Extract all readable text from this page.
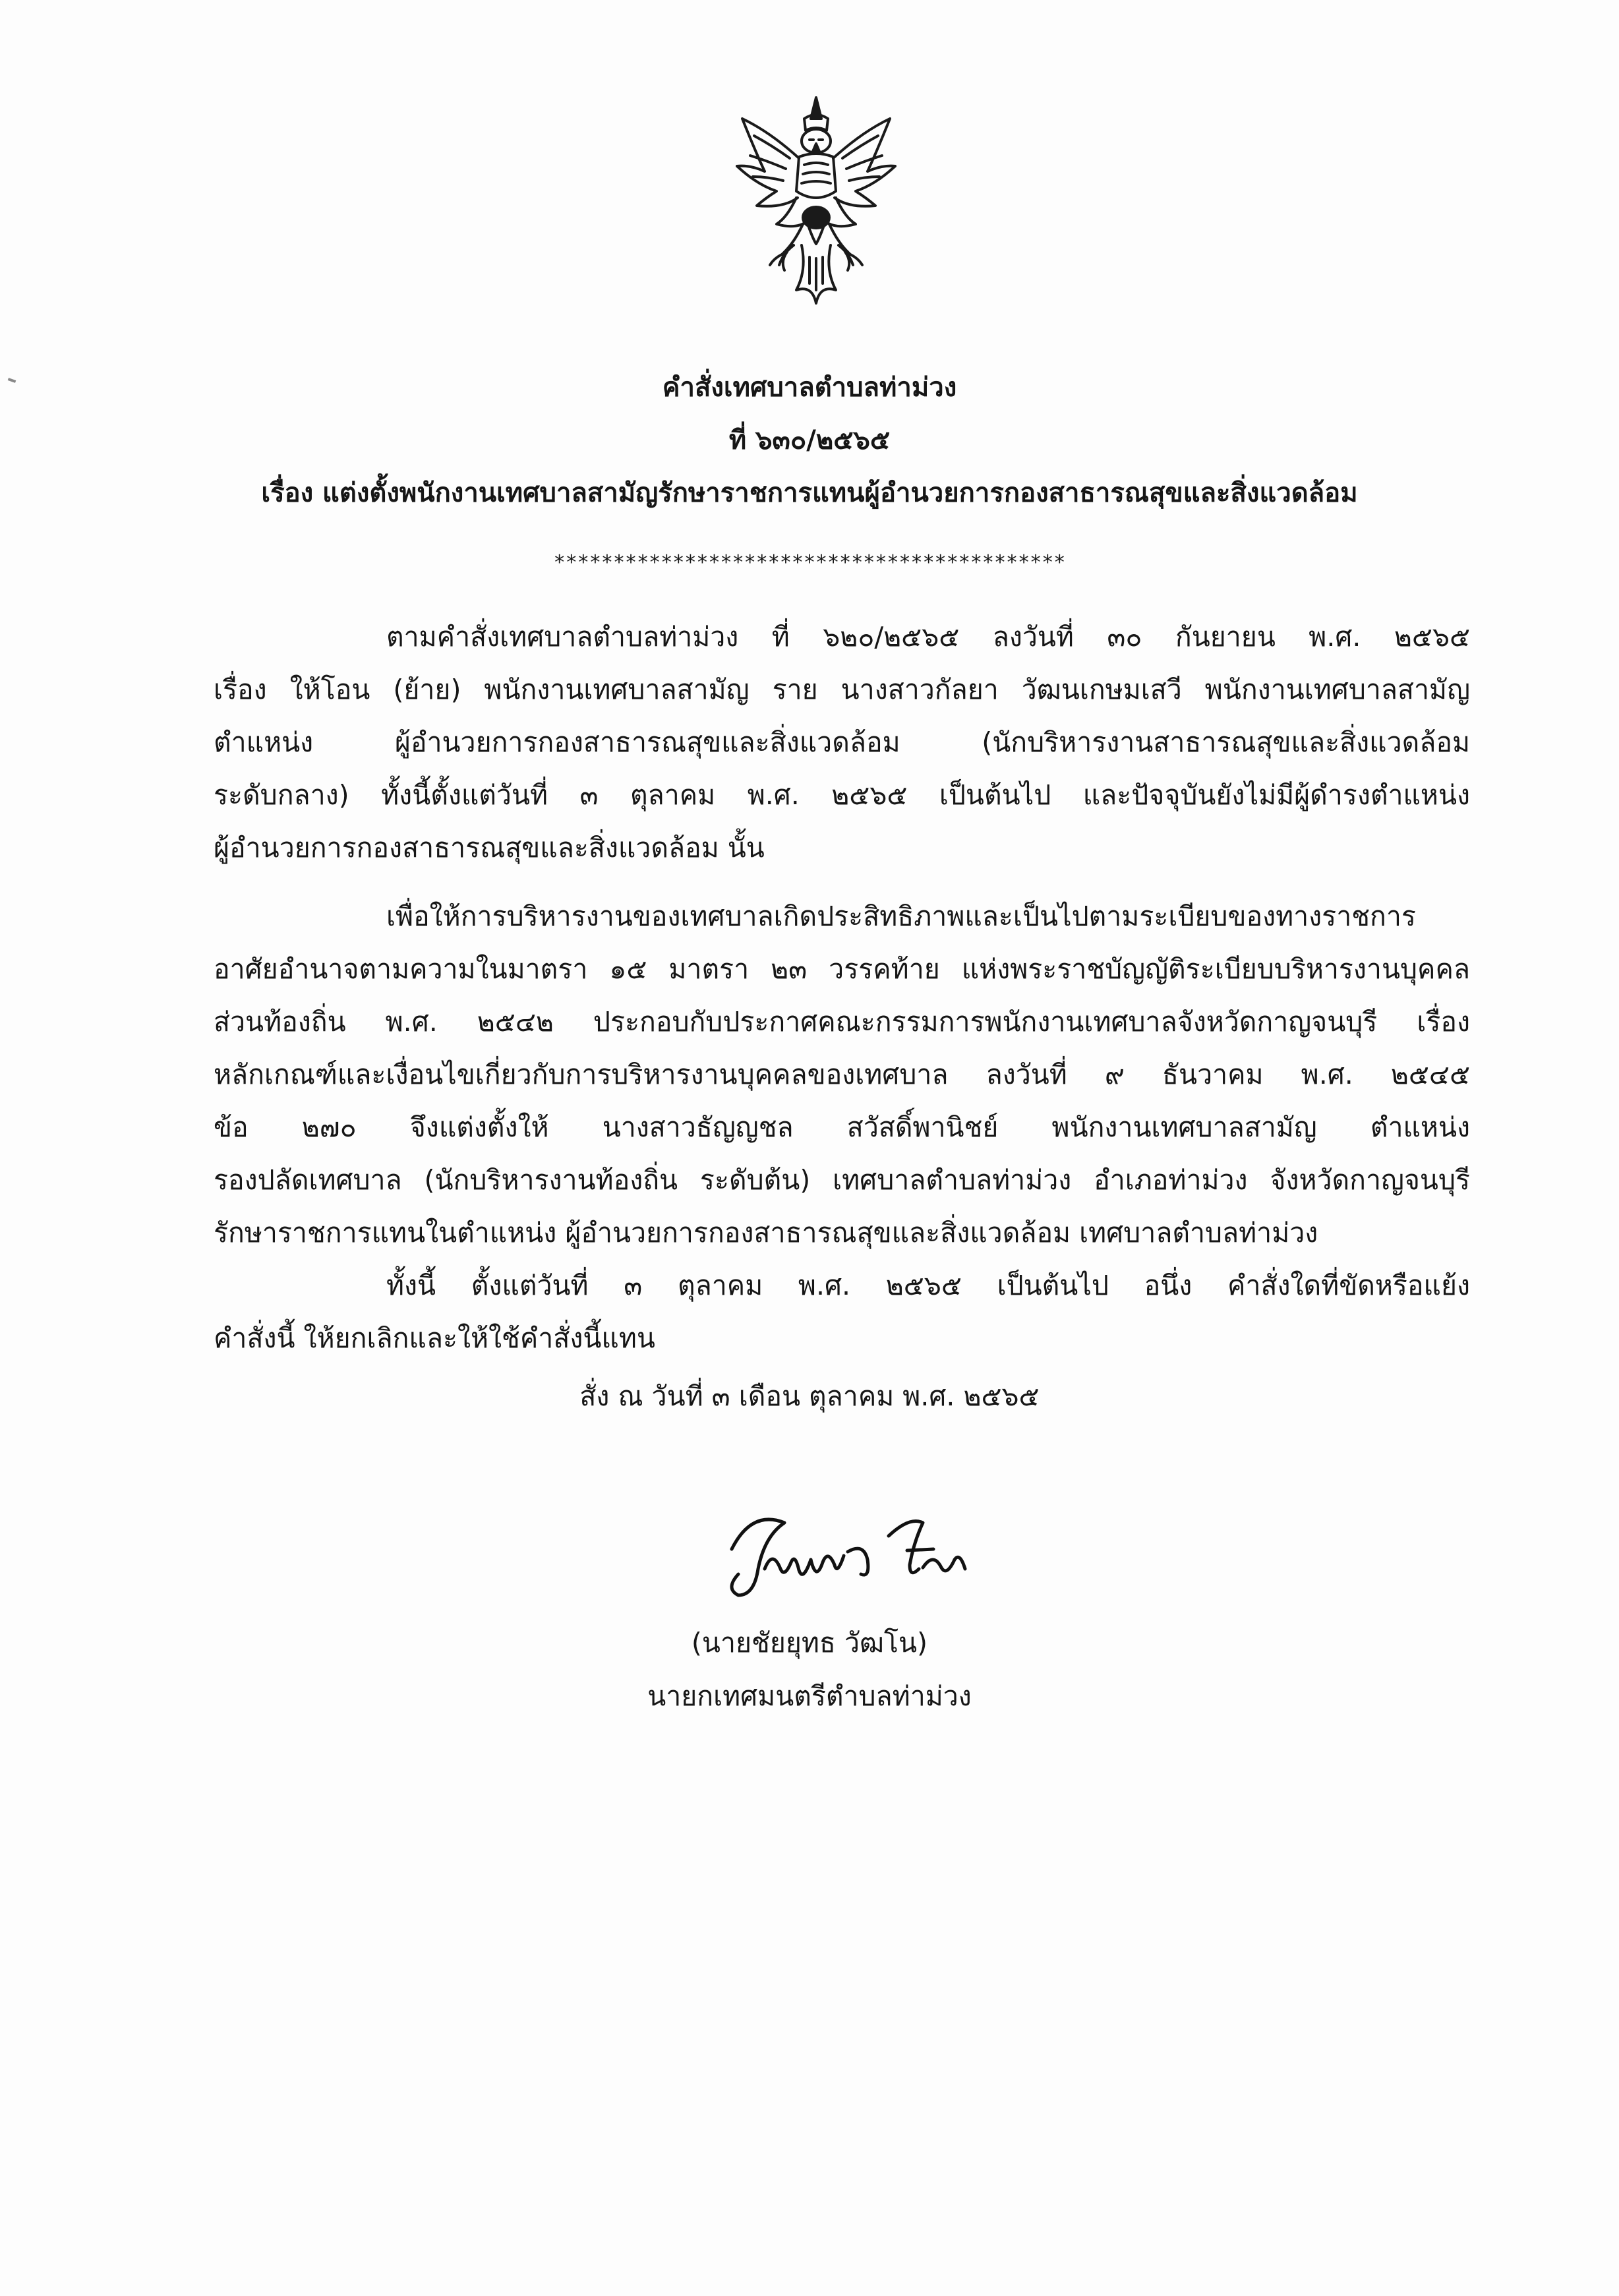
คำสั่งเทศบาลตำบลท่าม่วง
ที่ ๖๓๐/๒๕๖๕
เรื่อง แต่งตั้งพนักงานเทศบาลสามัญรักษาราชการแทนผู้อำนวยการกองสาธารณสุขและสิ่งแวดล้อม
*******************************************
ตามคำสั่งเทศบาลตำบลท่าม่วง ที่ ๖๒๐/๒๕๖๕ ลงวันที่ ๓๐ กันยายน พ.ศ. ๒๕๖๕
เรื่อง ให้โอน (ย้าย) พนักงานเทศบาลสามัญ ราย นางสาวกัลยา วัฒนเกษมเสวี พนักงานเทศบาลสามัญ
ตำแหน่ง ผู้อำนวยการกองสาธารณสุขและสิ่งแวดล้อม (นักบริหารงานสาธารณสุขและสิ่งแวดล้อม
ระดับกลาง) ทั้งนี้ตั้งแต่วันที่ ๓ ตุลาคม พ.ศ. ๒๕๖๕ เป็นต้นไป และปัจจุบันยังไม่มีผู้ดำรงตำแหน่ง
ผู้อำนวยการกองสาธารณสุขและสิ่งแวดล้อม นั้น
เพื่อให้การบริหารงานของเทศบาลเกิดประสิทธิภาพและเป็นไปตามระเบียบของทางราชการ
อาศัยอำนาจตามความในมาตรา ๑๕ มาตรา ๒๓ วรรคท้าย แห่งพระราชบัญญัติระเบียบบริหารงานบุคคล
ส่วนท้องถิ่น พ.ศ. ๒๕๔๒ ประกอบกับประกาศคณะกรรมการพนักงานเทศบาลจังหวัดกาญจนบุรี เรื่อง
หลักเกณฑ์และเงื่อนไขเกี่ยวกับการบริหารงานบุคคลของเทศบาล ลงวันที่ ๙ ธันวาคม พ.ศ. ๒๕๔๕
ข้อ ๒๗๐ จึงแต่งตั้งให้ นางสาวธัญญชล สวัสดิ์พานิชย์ พนักงานเทศบาลสามัญ ตำแหน่ง
รองปลัดเทศบาล (นักบริหารงานท้องถิ่น ระดับต้น) เทศบาลตำบลท่าม่วง อำเภอท่าม่วง จังหวัดกาญจนบุรี
รักษาราชการแทนในตำแหน่ง ผู้อำนวยการกองสาธารณสุขและสิ่งแวดล้อม เทศบาลตำบลท่าม่วง
ทั้งนี้ ตั้งแต่วันที่ ๓ ตุลาคม พ.ศ. ๒๕๖๕ เป็นต้นไป อนึ่ง คำสั่งใดที่ขัดหรือแย้ง
คำสั่งนี้ ให้ยกเลิกและให้ใช้คำสั่งนี้แทน
สั่ง ณ วันที่ ๓ เดือน ตุลาคม พ.ศ. ๒๕๖๕
(นายชัยยุทธ วัฒโน)
นายกเทศมนตรีตำบลท่าม่วง
